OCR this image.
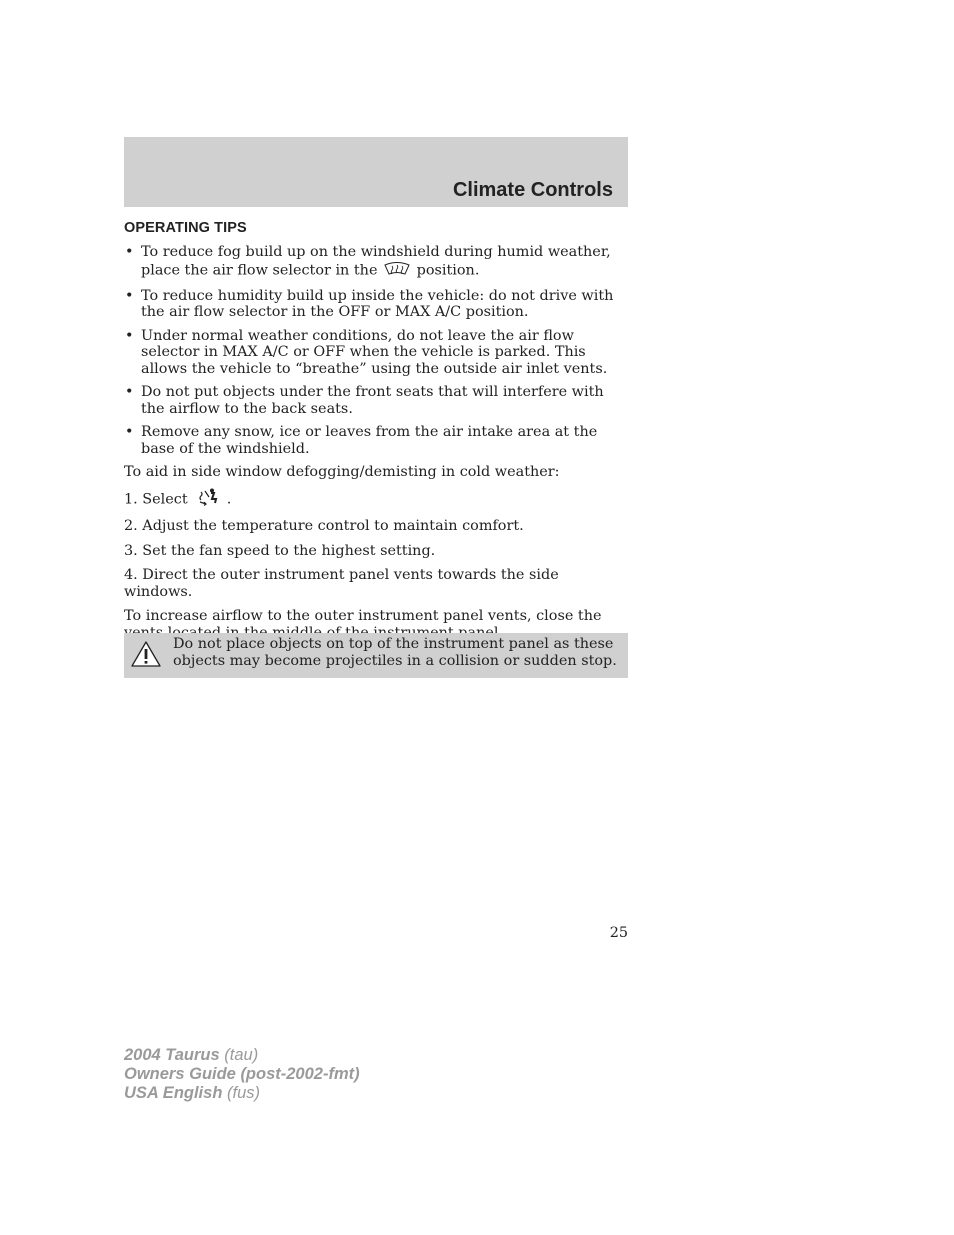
Climate Controls
OPERATING TIPS
• To reduce fog build up on the windshield during humid weather, place the air flow selector in the	position.
• To reduce humidity build up inside the vehicle: do not drive with the air flow selector in the OFF or MAX A/C position.
• Under normal weather conditions, do not leave the air flow selector in MAX A/C or OFF when the vehicle is parked. This allows the vehicle to “breathe” using the outside air inlet vents.
• Do not put objects under the front seats that will interfere with the airflow to the back seats.
• Remove any snow, ice or leaves from the air intake area at the base of the windshield.

To aid in side window defogging/demisting in cold weather:

1. Select	.
2. Adjust the temperature control to maintain comfort.
3. Set the fan speed to the highest setting.
4. Direct the outer instrument panel vents towards the side windows.

To increase airflow to the outer instrument panel vents, close the

Do not place objects on top of the instrument panel as these objects may become projectiles in a collision or sudden stop.
25
2004 Taurus (tau)
Owners Guide (post-2002-fmt)
USA English (fus)
